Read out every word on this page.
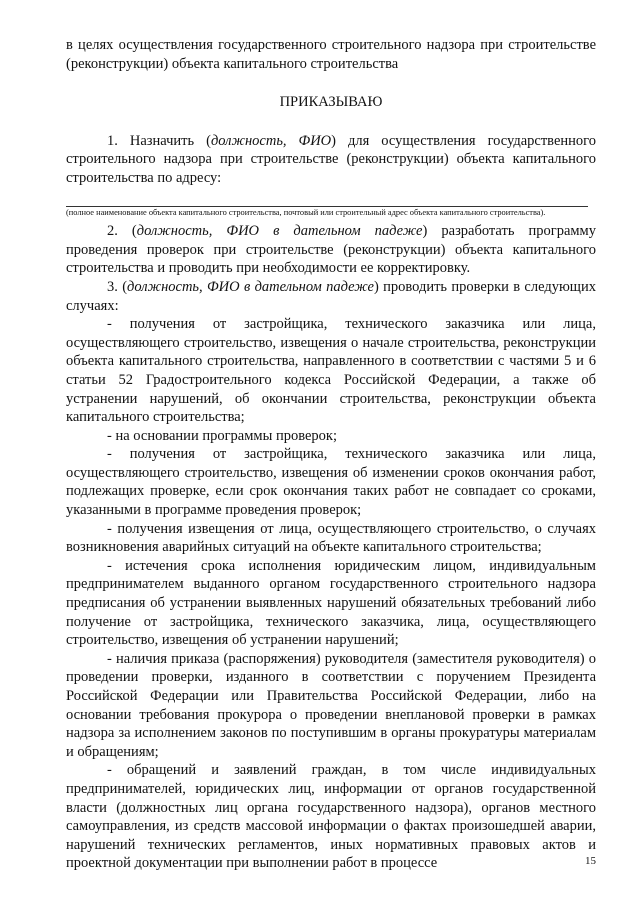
в целях осуществления государственного строительного надзора при строительстве (реконструкции) объекта капитального строительства

ПРИКАЗЫВАЮ

1. Назначить (должность, ФИО) для осуществления государственного строительного надзора при строительстве (реконструкции) объекта капитального строительства по адресу:

(полное наименование объекта капитального строительства, почтовый или строительный адрес объекта капитального строительства).

2. (должность, ФИО в дательном падеже) разработать программу проведения проверок при строительстве (реконструкции) объекта капитального строительства и проводить при необходимости ее корректировку.

3. (должность, ФИО в дательном падеже) проводить проверки в следующих случаях:

- получения от застройщика, технического заказчика или лица, осуществляющего строительство, извещения о начале строительства, реконструкции объекта капитального строительства, направленного в соответствии с частями 5 и 6 статьи 52 Градостроительного кодекса Российской Федерации, а также об устранении нарушений, об окончании строительства, реконструкции объекта капитального строительства;

- на основании программы проверок;

- получения от застройщика, технического заказчика или лица, осуществляющего строительство, извещения об изменении сроков окончания работ, подлежащих проверке, если срок окончания таких работ не совпадает со сроками, указанными в программе проведения проверок;

- получения извещения от лица, осуществляющего строительство, о случаях возникновения аварийных ситуаций на объекте капитального строительства;

- истечения срока исполнения юридическим лицом, индивидуальным предпринимателем выданного органом государственного строительного надзора предписания об устранении выявленных нарушений обязательных требований либо получение от застройщика, технического заказчика, лица, осуществляющего строительство, извещения об устранении нарушений;

- наличия приказа (распоряжения) руководителя (заместителя руководителя) о проведении проверки, изданного в соответствии с поручением Президента Российской Федерации или Правительства Российской Федерации, либо на основании требования прокурора о проведении внеплановой проверки в рамках надзора за исполнением законов по поступившим в органы прокуратуры материалам и обращениям;

- обращений и заявлений граждан, в том числе индивидуальных предпринимателей, юридических лиц, информации от органов государственной власти (должностных лиц органа государственного надзора), органов местного самоуправления, из средств массовой информации о фактах произошедшей аварии, нарушений технических регламентов, иных нормативных правовых актов и проектной документации при выполнении работ в процессе	15
